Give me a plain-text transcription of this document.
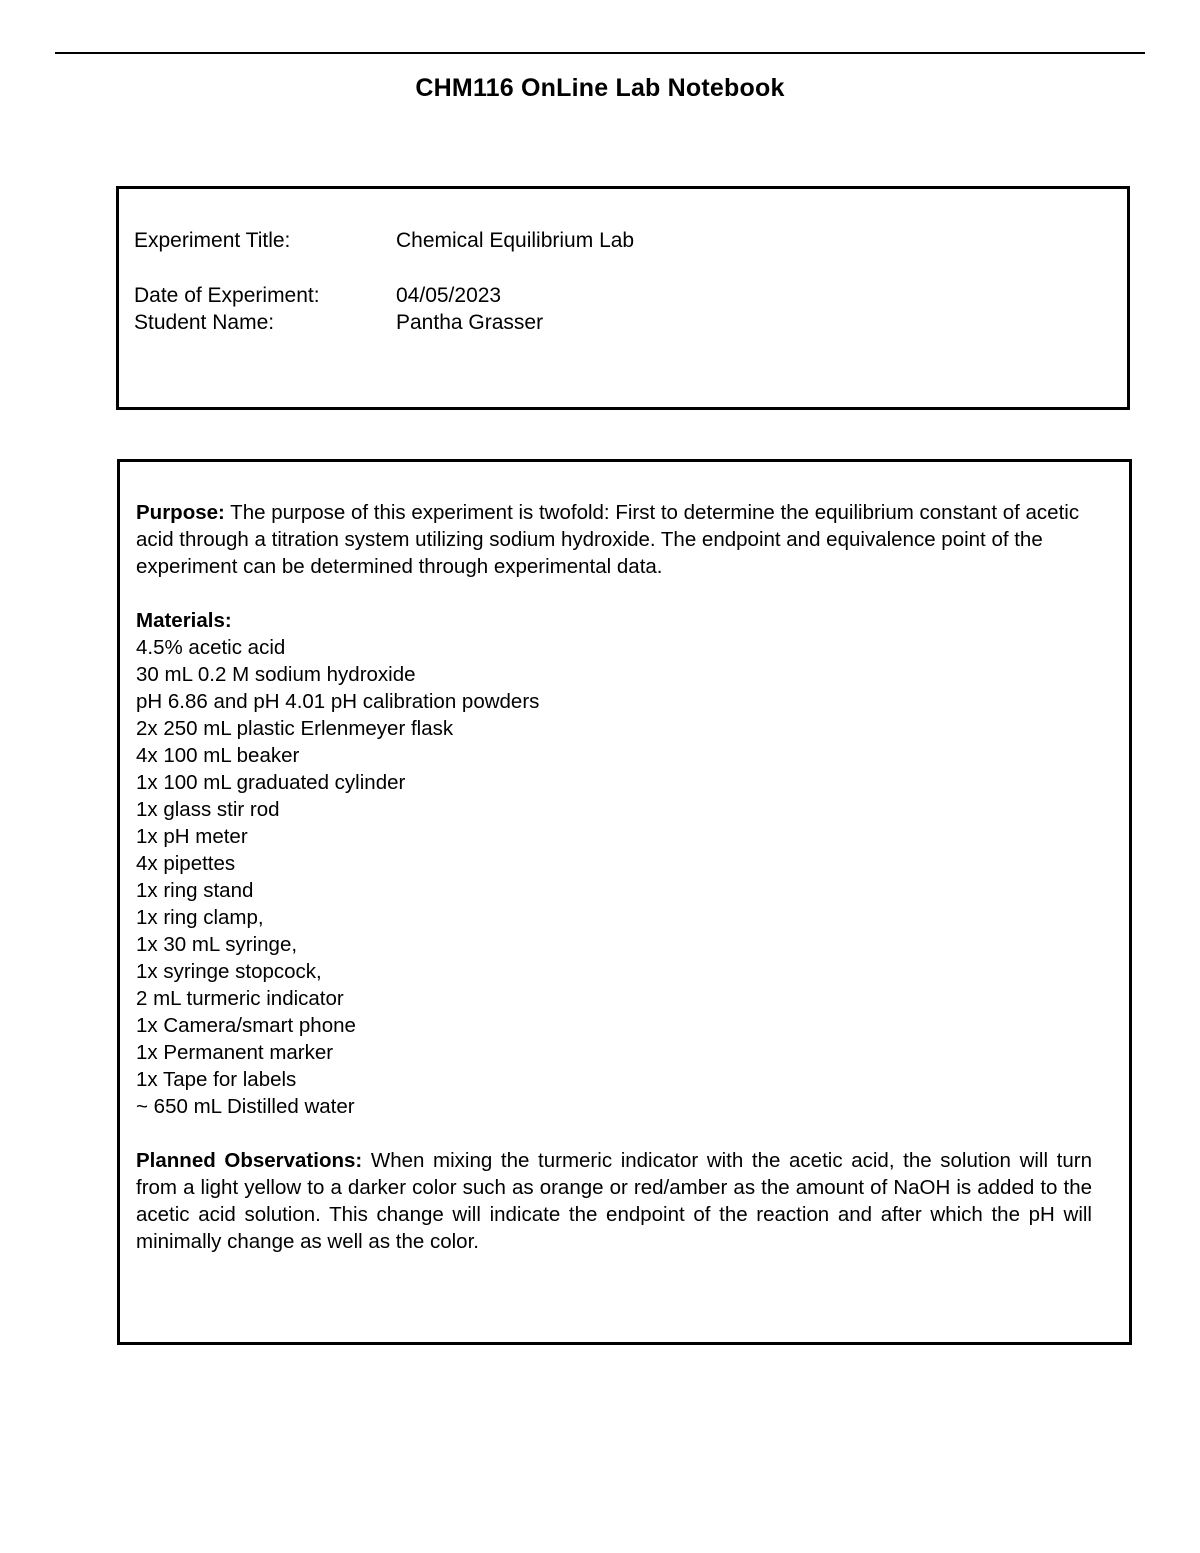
CHM116 OnLine Lab Notebook
Experiment Title:	Chemical Equilibrium Lab
Date of Experiment:	04/05/2023
Student Name:	Pantha Grasser

Purpose: The purpose of this experiment is twofold: First to determine the equilibrium constant of acetic acid through a titration system utilizing sodium hydroxide. The endpoint and equivalence point of the experiment can be determined through experimental data.

Materials:
4.5% acetic acid
30 mL 0.2 M sodium hydroxide
pH 6.86 and pH 4.01 pH calibration powders
2x 250 mL plastic Erlenmeyer flask
4x 100 mL beaker
1x 100 mL graduated cylinder
1x glass stir rod
1x pH meter
4x pipettes
1x ring stand
1x ring clamp,
1x 30 mL syringe,
1x syringe stopcock,
2 mL turmeric indicator
1x Camera/smart phone
1x Permanent marker
1x Tape for labels
~ 650 mL Distilled water

Planned Observations: When mixing the turmeric indicator with the acetic acid, the solution will turn from a light yellow to a darker color such as orange or red/amber as the amount of NaOH is added to the acetic acid solution. This change will indicate the endpoint of the reaction and after which the pH will minimally change as well as the color.
